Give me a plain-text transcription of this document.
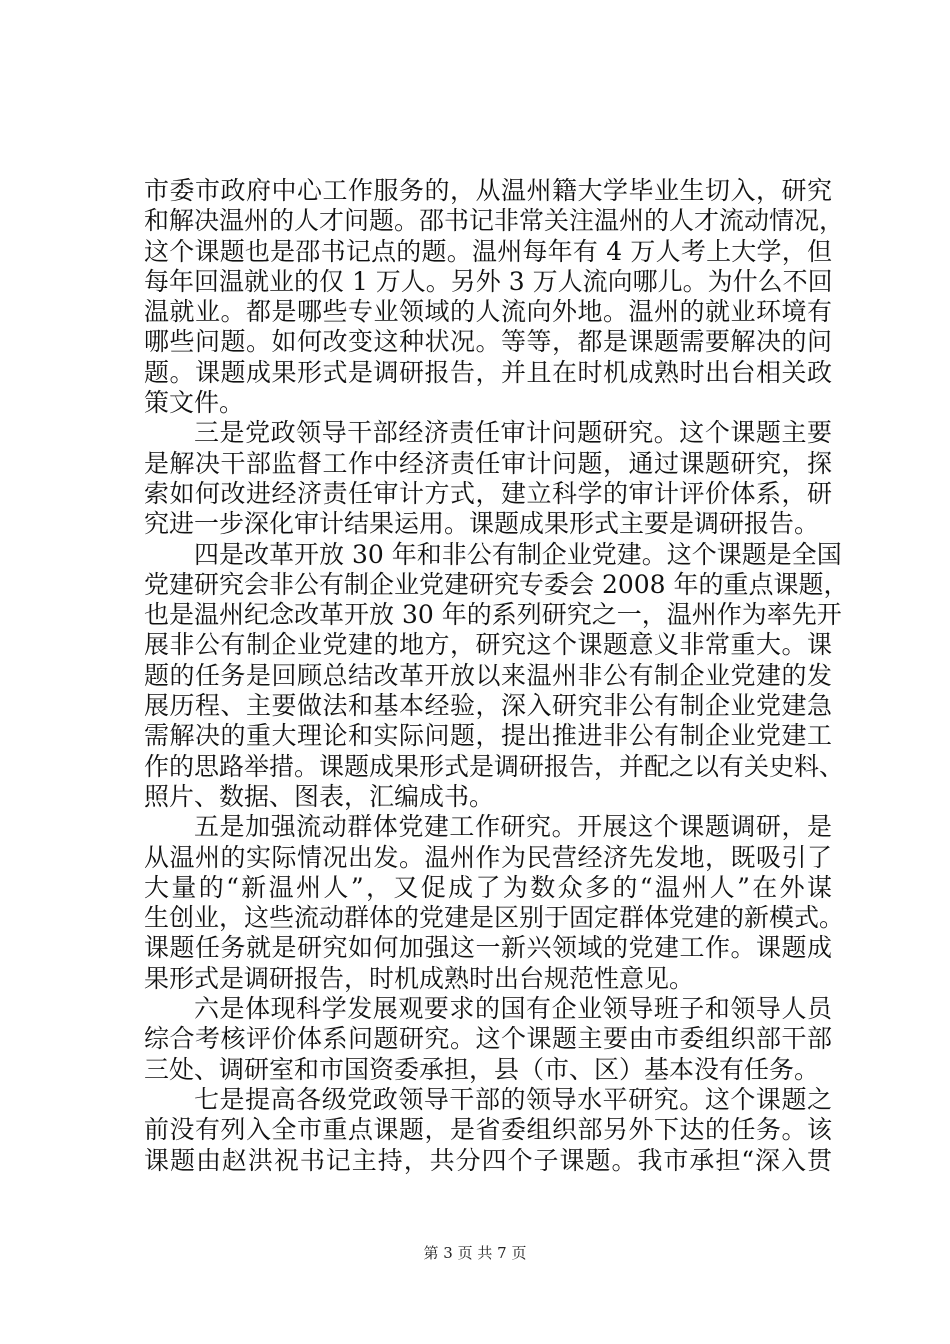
市委市政府中心工作服务的，从温州籍大学毕业生切入，研究
和解决温州的人才问题。邵书记非常关注温州的人才流动情况，
这个课题也是邵书记点的题。温州每年有 4 万人考上大学，但
每年回温就业的仅 1 万人。另外 3 万人流向哪儿。为什么不回
温就业。都是哪些专业领域的人流向外地。温州的就业环境有
哪些问题。如何改变这种状况。等等，都是课题需要解决的问
题。课题成果形式是调研报告，并且在时机成熟时出台相关政
策文件。
三是党政领导干部经济责任审计问题研究。这个课题主要
是解决干部监督工作中经济责任审计问题，通过课题研究，探
索如何改进经济责任审计方式，建立科学的审计评价体系，研
究进一步深化审计结果运用。课题成果形式主要是调研报告。
四是改革开放 30 年和非公有制企业党建。这个课题是全国
党建研究会非公有制企业党建研究专委会 2008 年的重点课题，
也是温州纪念改革开放 30 年的系列研究之一，温州作为率先开
展非公有制企业党建的地方，研究这个课题意义非常重大。课
题的任务是回顾总结改革开放以来温州非公有制企业党建的发
展历程、主要做法和基本经验，深入研究非公有制企业党建急
需解决的重大理论和实际问题，提出推进非公有制企业党建工
作的思路举措。课题成果形式是调研报告，并配之以有关史料、
照片、数据、图表，汇编成书。
五是加强流动群体党建工作研究。开展这个课题调研，是
从温州的实际情况出发。温州作为民营经济先发地，既吸引了
大量的“新温州人”，又促成了为数众多的“温州人”在外谋
生创业，这些流动群体的党建是区别于固定群体党建的新模式。
课题任务就是研究如何加强这一新兴领域的党建工作。课题成
果形式是调研报告，时机成熟时出台规范性意见。
六是体现科学发展观要求的国有企业领导班子和领导人员
综合考核评价体系问题研究。这个课题主要由市委组织部干部
三处、调研室和市国资委承担，县（市、区）基本没有任务。
七是提高各级党政领导干部的领导水平研究。这个课题之
前没有列入全市重点课题，是省委组织部另外下达的任务。该
课题由赵洪祝书记主持，共分四个子课题。我市承担“深入贯
第 3 页 共 7 页
